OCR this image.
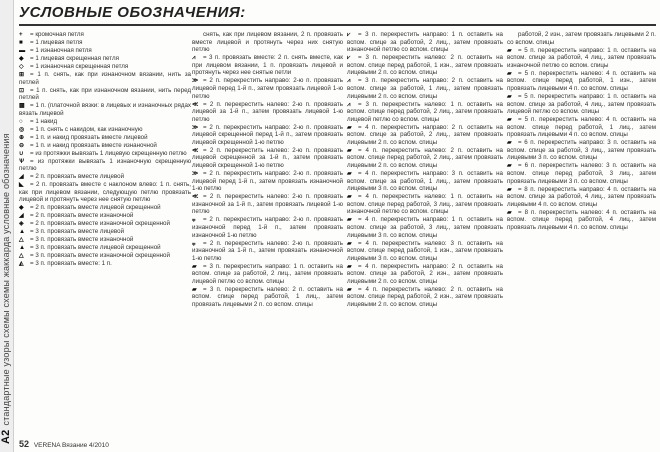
A2стандартные узоры схемы схемы жаккарда условные обозначения
УСЛОВНЫЕ ОБОЗНАЧЕНИЯ:
+ = кромочная петля
■ = 1 лицевая петля
▬ = 1 изнаночная петля
◆ = 1 лицевая скрещенная петля
◇ = 1 изнаночная скрещенная петля
⊞ = 1 п. снять, как при изнаночном вязании, нить за петлей
⊡ = 1 п. снять, как при изнаночном вязании, нить перед петлей
▩ = 1 п. (платочной вязки: в лицевых и изнаночных рядах вязать лицевой
○ = 1 накид
◎ = 1 п. снять с накидом, как изнаночную
⊕ = 1 п. и накид провязать вместе лицевой
⊖ = 1 п. и накид провязать вместе изнаночной
∪ = из протяжки вывязать 1 лицевую скрещенную петлю
Ѱ = из протяжки вывязать 1 изнаночную скрещенную петлю
◢ = 2 п. провязать вместе лицевой
◣ = 2 п. провязать вместе с наклоном влево: 1 п. снять, как при лицевом вязании, следующую петлю провязать лицевой и протянуть через нее снятую петлю
◆ = 2 п. провязать вместе лицевой скрещенной
◢ = 2 п. провязать вместе изнаночной
◈ = 2 п. провязать вместе изнаночной скрещенной
▲ = 3 п. провязать вместе лицевой
△ = 3 п. провязать вместе изнаночной
▲ = 3 п. провязать вместе лицевой скрещенной
△ = 3 п. провязать вместе изнаночной скрещенной
◭ = 3 п. провязать вместе: 1 п.
снять, как при лицевом вязании, 2 п. провязать вместе лицевой и протянуть через них снятую петлю
⩘ = 3 п. провязать вместе: 2 п. снять вместе, как при лицевом вязании, 1 п. провязать лицевой и протянуть через нее снятые петли
≫ = 2 п. перекрестить направо: 2-ю п. провязать лицевой перед 1-й п., затем провязать лицевой 1-ю петлю
≪ = 2 п. перекрестить налево: 2-ю п. провязать лицевой за 1-й п., затем провязать лицевой 1-ю петлю
≫ = 2 п. перекрестить направо: 2-ю п. провязать лицевой скрещенной перед 1-й п., затем провязать лицевой скрещенной 1-ю петлю
≪ = 2 п. перекрестить налево: 2-ю п. провязать лицевой скрещенной за 1-й п., затем провязать лицевой скрещенной 1-ю петлю
≫ = 2 п. перекрестить направо: 2-ю п. провязать лицевой перед 1-й п., затем провязать изнаночной 1-ю петлю
≪ = 2 п. перекрестить налево: 2-ю п. провязать изнаночной за 1-й п., затем провязать лицевой 1-ю петлю
⩦ = 2 п. перекрестить направо: 2-ю п. провязать изнаночной перед 1-й п., затем провязать изнаночной 1-ю петлю
⩦ = 2 п. перекрестить налево: 2-ю п. провязать изнаночной за 1-й п., затем провязать изнаночной 1-ю петлю
▰ = 3 п. перекрестить направо: 1 п. оставить на вспом. спице за работой, 2 лиц., затем провязать лицевой петлю со вспом. спицы
▰ = 3 п. перекрестить налево: 2 п. оставить на вспом. спице перед работой, 1 лиц., затем провязать лицевыми 2 п. со вспом. спицы
⩗ = 3 п. перекрестить направо: 1 п. оставить на вспом. спице за работой, 2 лиц., затем провязать изнаночной петлю со вспом. спицы
⩗ = 3 п. перекрестить налево: 2 п. оставить на вспом. спице перед работой, 1 изн., затем провязать лицевыми 2 п. со вспом. спицы
⩘ = 3 п. перекрестить направо: 2 п. оставить на вспом. спице за работой, 1 лиц., затем провязать лицевыми 2 п. со вспом. спицы
⩘ = 3 п. перекрестить налево: 1 п. оставить на вспом. спице перед работой, 2 лиц., затем провязать лицевой петлю со вспом. спицы
▰ = 4 п. перекрестить направо: 2 п. оставить на вспом. спице за работой, 2 лиц., затем провязать лицевыми 2 п. со вспом. спицы
▰ = 4 п. перекрестить налево: 2 п. оставить на вспом. спице перед работой, 2 лиц., затем провязать лицевыми 2 п. со вспом. спицы
▰ = 4 п. перекрестить направо: 3 п. оставить на вспом. спице за работой, 1 лиц., затем провязать лицевыми 3 п. со вспом. спицы
▰ = 4 п. перекрестить налево: 1 п. оставить на вспом. спице перед работой, 3 лиц., затем провязать изнаночной петлю со вспом. спицы
▰ = 4 п. перекрестить направо: 1 п. оставить на вспом. спице за работой, 3 лиц., затем провязать лицевыми 3 п. со вспом. спицы
▰ = 4 п. перекрестить налево: 3 п. оставить на вспом. спице перед работой, 1 изн., затем провязать лицевыми 3 п. со вспом. спицы
▰ = 4 п. перекрестить направо: 2 п. оставить на вспом. спице за работой, 2 изн., затем провязать лицевыми 2 п. со вспом. спицы
▰ = 4 п. перекрестить налево: 2 п. оставить на вспом. спице перед работой, 2 изн., затем провязать лицевыми 2 п. со вспом. спицы
работой, 2 изн., затем провязать лицевыми 2 п. со вспом. спицы
▰ = 5 п. перекрестить направо: 1 п. оставить на вспом. спице за работой, 4 лиц., затем провязать изнаночной петлю со вспом. спицы
▰ = 5 п. перекрестить налево: 4 п. оставить на вспом. спице перед работой, 1 изн., затем провязать лицевыми 4 п. со вспом. спицы
▰ = 5 п. перекрестить направо: 1 п. оставить на вспом. спице за работой, 4 лиц., затем провязать лицевой петлю со вспом. спицы
▰ = 5 п. перекрестить налево: 4 п. оставить на вспом. спице перед работой, 1 лиц., затем провязать лицевыми 4 п. со вспом. спицы
▰ = 6 п. перекрестить направо: 3 п. оставить на вспом. спице за работой, 3 лиц., затем провязать лицевыми 3 п. со вспом. спицы
▰ = 6 п. перекрестить налево: 3 п. оставить на вспом. спице перед работой, 3 лиц., затем провязать лицевыми 3 п. со вспом. спицы
▰ = 8 п. перекрестить направо: 4 п. оставить на вспом. спице за работой, 4 лиц., затем провязать лицевыми 4 п. со вспом. спицы
▰ = 8 п. перекрестить налево: 4 п. оставить на вспом. спице перед работой, 4 лиц., затем провязать лицевыми 4 п. со вспом. спицы
52 VERENA Вязание 4/2010
